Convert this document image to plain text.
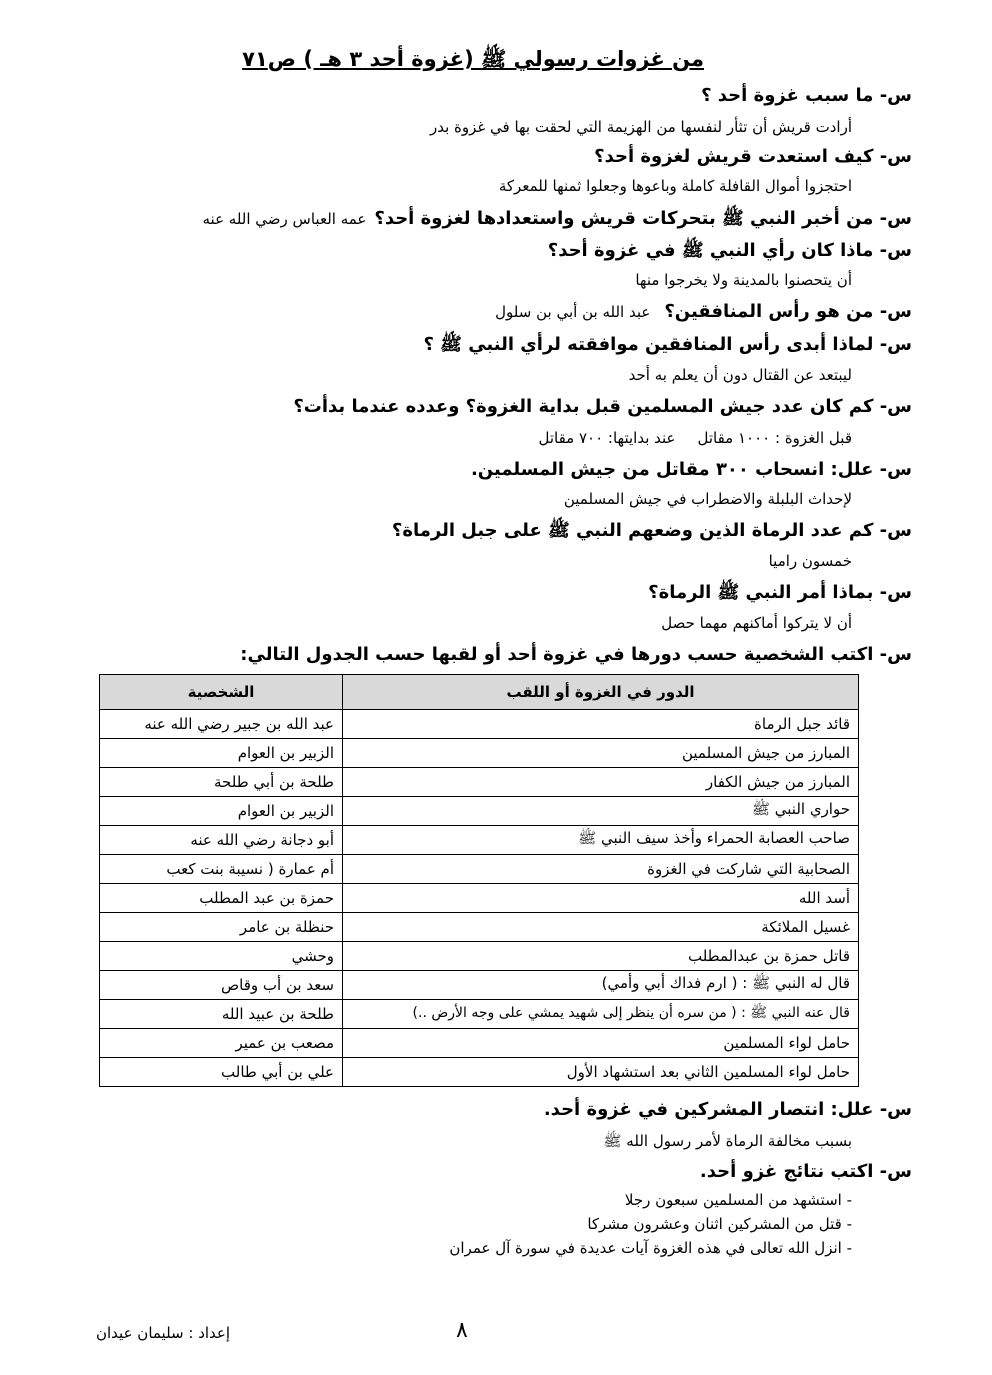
من غزوات رسولي ﷺ (غزوة أحد ٣ هـ ) ص٧١
س- ما سبب غزوة أحد ؟
أرادت قريش أن تثأر لنفسها من الهزيمة التي لحقت بها في غزوة بدر
س- كيف استعدت قريش لغزوة أحد؟
احتجزوا أموال القافلة كاملة وباعوها وجعلوا ثمنها للمعركة
س- من أخبر النبي ﷺ بتحركات قريش واستعدادها لغزوة أحد؟عمه العباس رضي الله عنه
س- ماذا كان رأي النبي ﷺ في غزوة أحد؟
أن يتحصنوا بالمدينة ولا يخرجوا منها
س- من هو رأس المنافقين؟عبد الله بن أبي بن سلول
س- لماذا أبدى رأس المنافقين موافقته لرأي النبي ﷺ ؟
ليبتعد عن القتال دون أن يعلم به أحد
س- كم كان عدد جيش المسلمين قبل بداية الغزوة؟ وعدده عندما بدأت؟
قبل الغزوة : ١٠٠٠ مقاتلعند بدايتها: ٧٠٠ مقاتل
س- علل: انسحاب ٣٠٠ مقاتل من جيش المسلمين.
لإحداث البلبلة والاضطراب في جيش المسلمين
س- كم عدد الرماة الذين وضعهم النبي ﷺ على جبل الرماة؟
خمسون راميا
س- بماذا أمر النبي ﷺ الرماة؟
أن لا يتركوا أماكنهم مهما حصل
س- اكتب الشخصية حسب دورها في غزوة أحد أو لقبها حسب الجدول التالي:
الدور في الغزوة أو اللقب	الشخصية
قائد جبل الرماة	عبد الله بن جبير رضي الله عنه
المبارز من جيش المسلمين	الزبير بن العوام
المبارز من جيش الكفار	طلحة بن أبي طلحة
حواري النبي ﷺ	الزبير بن العوام
صاحب العصابة الحمراء وأخذ سيف النبي ﷺ	أبو دجانة رضي الله عنه
الصحابية التي شاركت في الغزوة	أم عمارة ( نسيبة بنت كعب
أسد الله	حمزة بن عبد المطلب
غسيل الملائكة	حنظلة بن عامر
قاتل حمزة بن عبدالمطلب	وحشي
قال له النبي ﷺ : ( ارم فداك أبي وأمي)	سعد بن أب وقاص
قال عنه النبي ﷺ : ( من سره أن ينظر إلى شهيد يمشي على وجه الأرض ..)	طلحة بن عبيد الله
حامل لواء المسلمين	مصعب بن عمير
حامل لواء المسلمين الثاني بعد استشهاد الأول	علي بن أبي طالب
س- علل: انتصار المشركين في غزوة أحد.
بسبب مخالفة الرماة لأمر رسول الله ﷺ
س- اكتب نتائج غزو أحد.
- استشهد من المسلمين سبعون رجلا
- قتل من المشركين اثنان وعشرون مشركا
- انزل الله تعالى في هذه الغزوة آيات عديدة في سورة آل عمران
٨
إعداد : سليمان عيدان
